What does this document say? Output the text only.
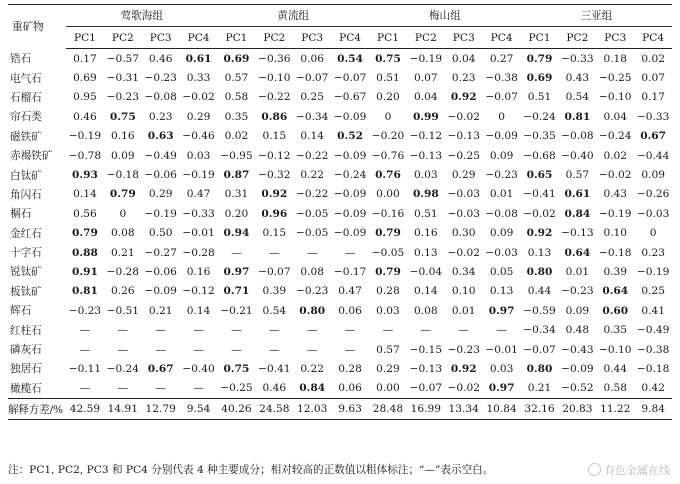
重矿物	莺歌海组				黄流组				梅山组				三亚组			
	PC1	PC2	PC3	PC4	PC1	PC2	PC3	PC4	PC1	PC2	PC3	PC4	PC1	PC2	PC3	PC4
锆石	0.17	−0.57	0.46	0.61	0.69	−0.36	0.06	0.54	0.75	−0.19	0.04	0.27	0.79	−0.33	0.18	0.02
电气石	0.69	−0.31	−0.23	0.33	0.57	−0.10	−0.07	−0.07	0.51	0.07	0.23	−0.38	0.69	0.43	−0.25	0.07
石榴石	0.95	−0.23	−0.08	−0.02	0.58	−0.22	0.25	−0.67	0.20	0.04	0.92	−0.07	0.51	0.54	−0.10	0.17
帘石类	0.46	0.75	0.23	0.29	0.35	0.86	−0.34	−0.09	0	0.99	−0.02	0	−0.24	0.81	0.04	−0.33
磁铁矿	−0.19	0.16	0.63	−0.46	0.02	0.15	0.14	0.52	−0.20	−0.12	−0.13	−0.09	−0.35	−0.08	−0.24	0.67
赤褐铁矿	−0.78	0.09	−0.49	0.03	−0.95	−0.12	−0.22	−0.09	−0.76	−0.13	−0.25	0.09	−0.68	−0.40	0.02	−0.44
白钛矿	0.93	−0.18	−0.06	−0.19	0.87	−0.32	0.22	−0.24	0.76	0.03	0.29	−0.23	0.65	0.57	−0.02	0.09
角闪石	0.14	0.79	0.29	0.47	0.31	0.92	−0.22	−0.09	0.00	0.98	−0.03	0.01	−0.41	0.61	0.43	−0.26
榍石	0.56	0	−0.19	−0.33	0.20	0.96	−0.05	−0.09	−0.16	0.51	−0.03	−0.08	−0.02	0.84	−0.19	−0.03
金红石	0.79	0.08	0.50	−0.01	0.94	0.15	−0.05	−0.09	0.79	0.16	0.30	0.09	0.92	−0.13	0.10	0
十字石	0.88	0.21	−0.27	−0.28	—	—	—	—	−0.05	0.13	−0.02	−0.03	0.13	0.64	−0.18	0.23
锐钛矿	0.91	−0.28	−0.06	0.16	0.97	−0.07	0.08	−0.17	0.79	−0.04	0.34	0.05	0.80	0.01	0.39	−0.19
板钛矿	0.81	0.26	−0.09	−0.12	0.71	0.39	−0.23	0.47	0.28	0.14	0.10	0.13	0.44	−0.23	0.64	0.25
辉石	−0.23	−0.51	0.21	0.14	−0.21	0.54	0.80	0.06	0.03	0.08	0.01	0.97	−0.59	0.09	0.60	0.41
红柱石	—	—	—	—	—	—	—	—	—	—	—	—	−0.34	0.48	0.35	−0.49
磷灰石	—	—	—	—	—	—	—	—	0.57	−0.15	−0.23	−0.01	−0.07	−0.43	−0.10	−0.38
独居石	−0.11	−0.24	0.67	−0.40	0.75	−0.41	0.22	0.28	0.29	−0.13	0.92	0.03	0.80	−0.09	0.44	−0.18
橄榄石	—	—	—	—	−0.25	0.46	0.84	0.06	0.00	−0.07	−0.02	0.97	0.21	−0.52	0.58	0.42
解释方差/%	42.59	14.91	12.79	9.54	40.26	24.58	12.03	9.63	28.48	16.99	13.34	10.84	32.16	20.83	11.22	9.84
注：PC1, PC2, PC3 和 PC4 分别代表 4 种主要成分；相对较高的正数值以粗体标注；“—”表示空白。	有色金属在线
